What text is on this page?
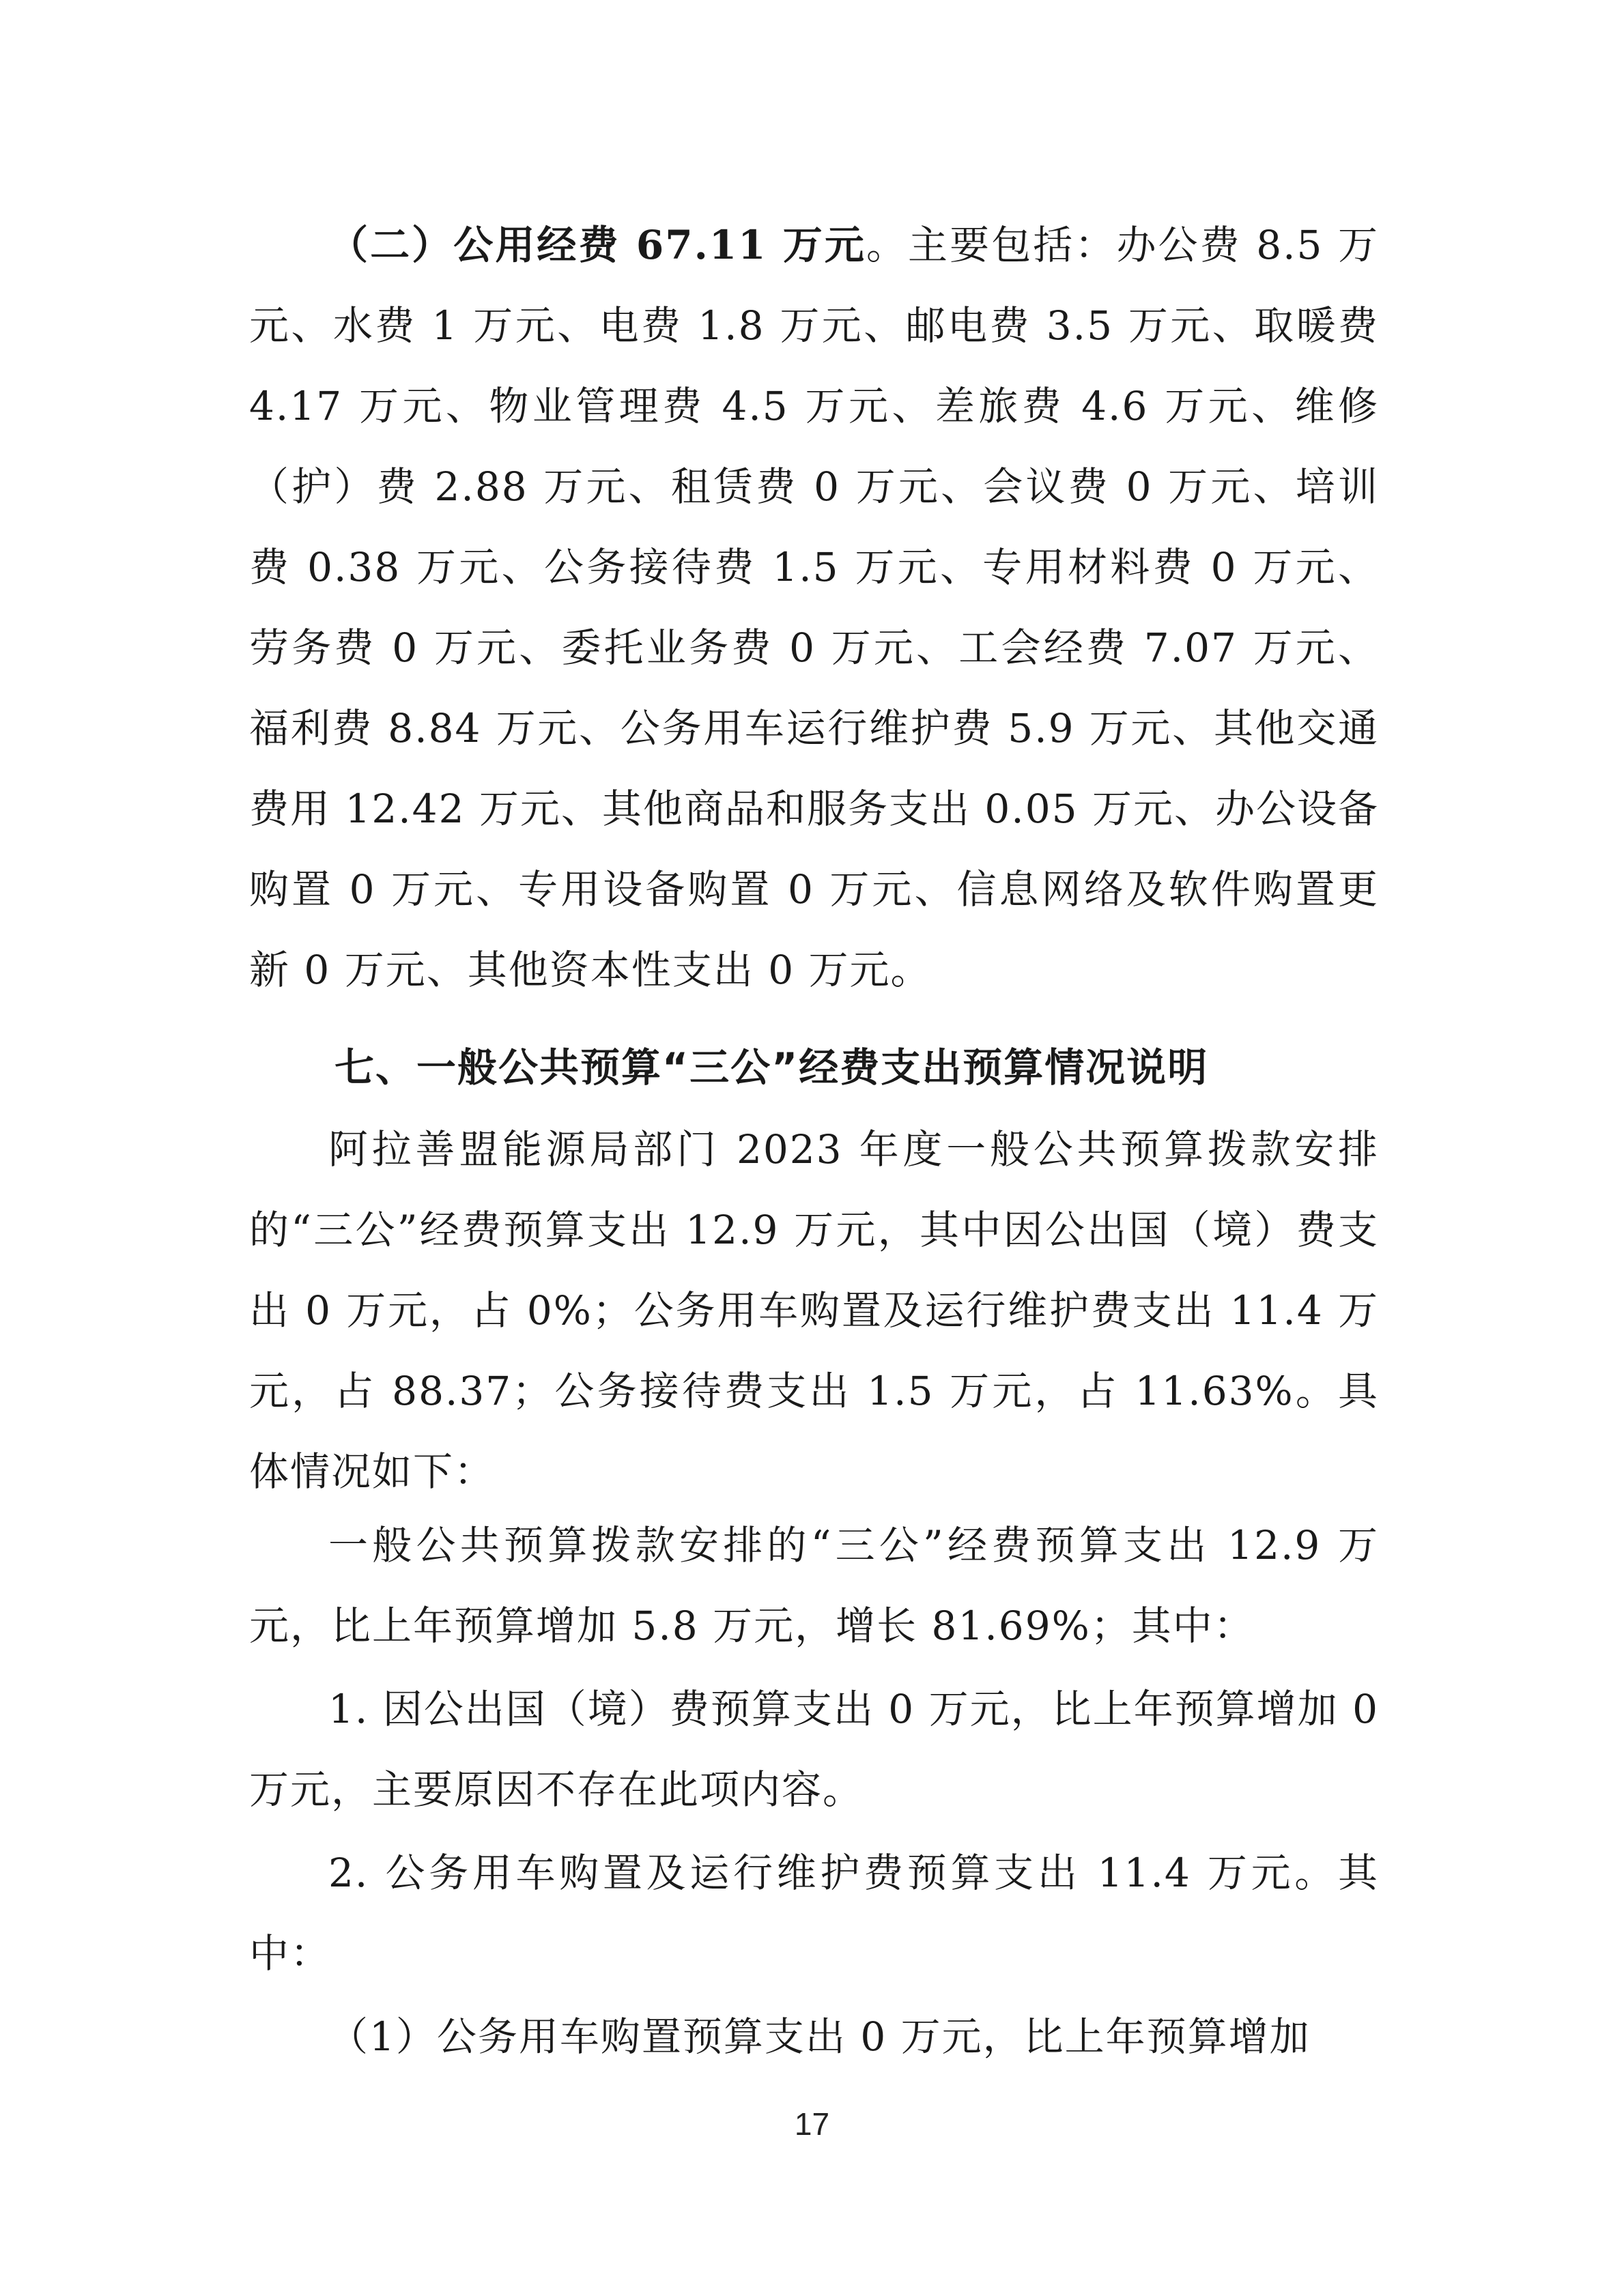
（二）公用经费 67.11 万元。主要包括：办公费 8.5 万元、水费 1 万元、电费 1.8 万元、邮电费 3.5 万元、取暖费 4.17 万元、物业管理费 4.5 万元、差旅费 4.6 万元、维修（护）费 2.88 万元、租赁费 0 万元、会议费 0 万元、培训费 0.38 万元、公务接待费 1.5 万元、专用材料费 0 万元、劳务费 0 万元、委托业务费 0 万元、工会经费 7.07 万元、福利费 8.84 万元、公务用车运行维护费 5.9 万元、其他交通费用 12.42 万元、其他商品和服务支出 0.05 万元、办公设备购置 0 万元、专用设备购置 0 万元、信息网络及软件购置更新 0 万元、其他资本性支出 0 万元。

七、一般公共预算“三公”经费支出预算情况说明

阿拉善盟能源局部门 2023 年度一般公共预算拨款安排的“三公”经费预算支出 12.9 万元，其中因公出国（境）费支出 0 万元，占 0%；公务用车购置及运行维护费支出 11.4 万元，占 88.37；公务接待费支出 1.5 万元，占 11.63%。具体情况如下：

一般公共预算拨款安排的“三公”经费预算支出 12.9 万元，比上年预算增加 5.8 万元，增长 81.69%；其中：

1. 因公出国（境）费预算支出 0 万元，比上年预算增加 0 万元，主要原因不存在此项内容。

2. 公务用车购置及运行维护费预算支出 11.4 万元。其中：

（1）公务用车购置预算支出 0 万元，比上年预算增加

17
